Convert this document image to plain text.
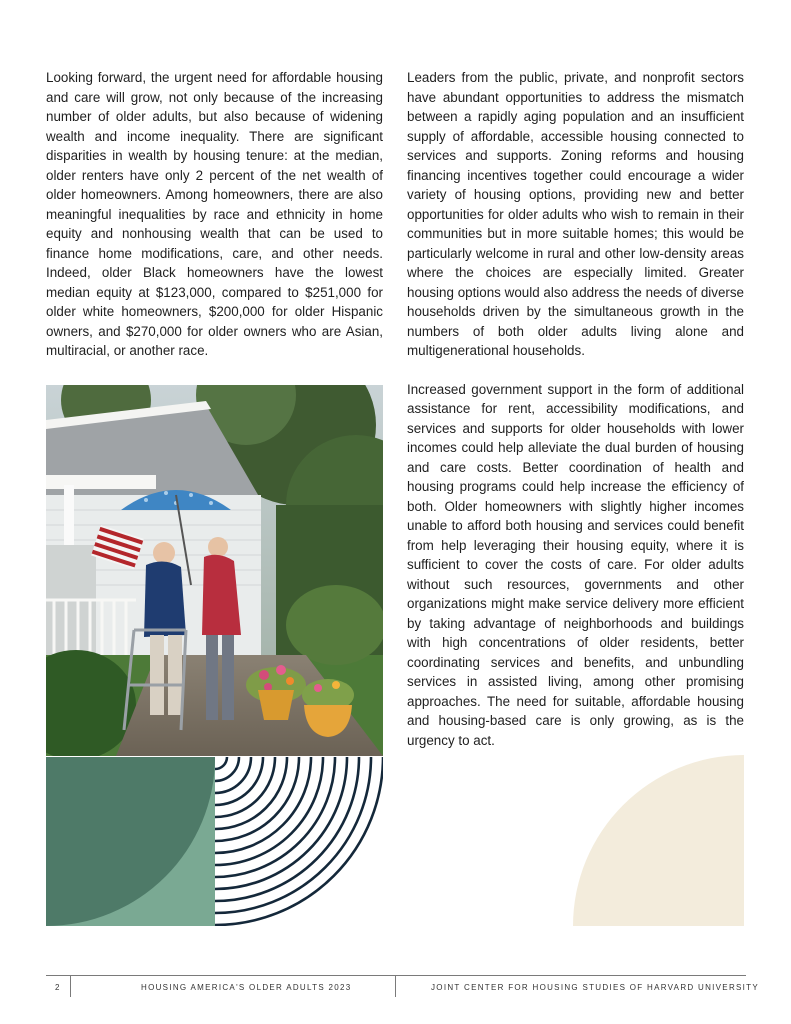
Looking forward, the urgent need for affordable housing and care will grow, not only because of the increasing number of older adults, but also because of widening wealth and income inequality. There are significant disparities in wealth by housing tenure: at the median, older renters have only 2 percent of the net wealth of older homeowners. Among homeowners, there are also meaningful inequalities by race and ethnicity in home equity and nonhousing wealth that can be used to finance home modifications, care, and other needs. Indeed, older Black homeowners have the lowest median equity at $123,000, compared to $251,000 for older white homeowners, $200,000 for older Hispanic owners, and $270,000 for older owners who are Asian, multiracial, or another race.

Leaders from the public, private, and nonprofit sectors have abundant opportunities to address the mismatch between a rapidly aging population and an insufficient supply of affordable, accessible housing connected to services and supports. Zoning reforms and housing financing incentives together could encourage a wider variety of housing options, providing new and better opportunities for older adults who wish to remain in their communities but in more suitable homes; this would be particularly welcome in rural and other low-density areas where the choices are especially limited. Greater housing options would also address the needs of diverse households driven by the simultaneous growth in the numbers of both older adults living alone and multigenerational households.

Increased government support in the form of additional assistance for rent, accessibility modifications, and services and supports for older households with lower incomes could help alleviate the dual burden of housing and care costs. Better coordination of health and housing programs could help increase the efficiency of both. Older homeowners with slightly higher incomes unable to afford both housing and services could benefit from help leveraging their housing equity, where it is sufficient to cover the costs of care. For older adults without such resources, governments and other organizations might make service delivery more efficient by taking advantage of neighborhoods and buildings with high concentrations of older residents, better coordinating services and benefits, and unbundling services in assisted living, among other promising approaches. The need for suitable, affordable housing and housing-based care is only growing, as is the urgency to act.

2	HOUSING AMERICA'S OLDER ADULTS 2023	JOINT CENTER FOR HOUSING STUDIES OF HARVARD UNIVERSITY
